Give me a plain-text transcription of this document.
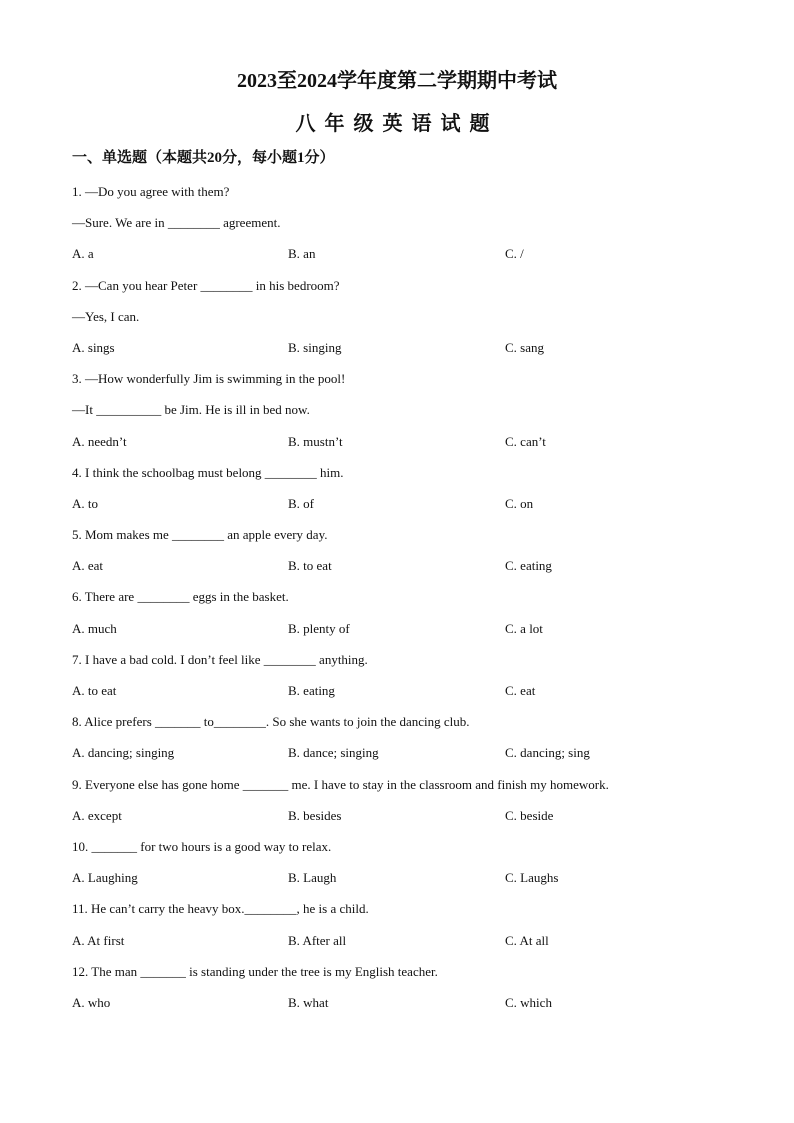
2023至2024学年度第二学期期中考试
八年级英语试题
一、单选题（本题共20分，每小题1分）
1. —Do you agree with them?
—Sure. We are in ________ agreement.
A. a	B. an	C. /
2. —Can you hear Peter ________ in his bedroom?
—Yes, I can.
A. sings	B. singing	C. sang
3. —How wonderfully Jim is swimming in the pool!
—It __________ be Jim. He is ill in bed now.
A. needn’t	B. mustn’t	C. can’t
4. I think the schoolbag must belong ________ him.
A. to	B. of	C. on
5. Mom makes me ________ an apple every day.
A. eat	B. to eat	C. eating
6. There are ________ eggs in the basket.
A. much	B. plenty of	C. a lot
7. I have a bad cold. I don’t feel like ________ anything.
A. to eat	B. eating	C. eat
8. Alice prefers _______ to________. So she wants to join the dancing club.
A. dancing; singing	B. dance; singing	C. dancing; sing
9. Everyone else has gone home _______ me. I have to stay in the classroom and finish my homework.
A. except	B. besides	C. beside
10. _______ for two hours is a good way to relax.
A. Laughing	B. Laugh	C. Laughs
11. He can’t carry the heavy box.________, he is a child.
A. At first	B. After all	C. At all
12. The man _______ is standing under the tree is my English teacher.
A. who	B. what	C. which
